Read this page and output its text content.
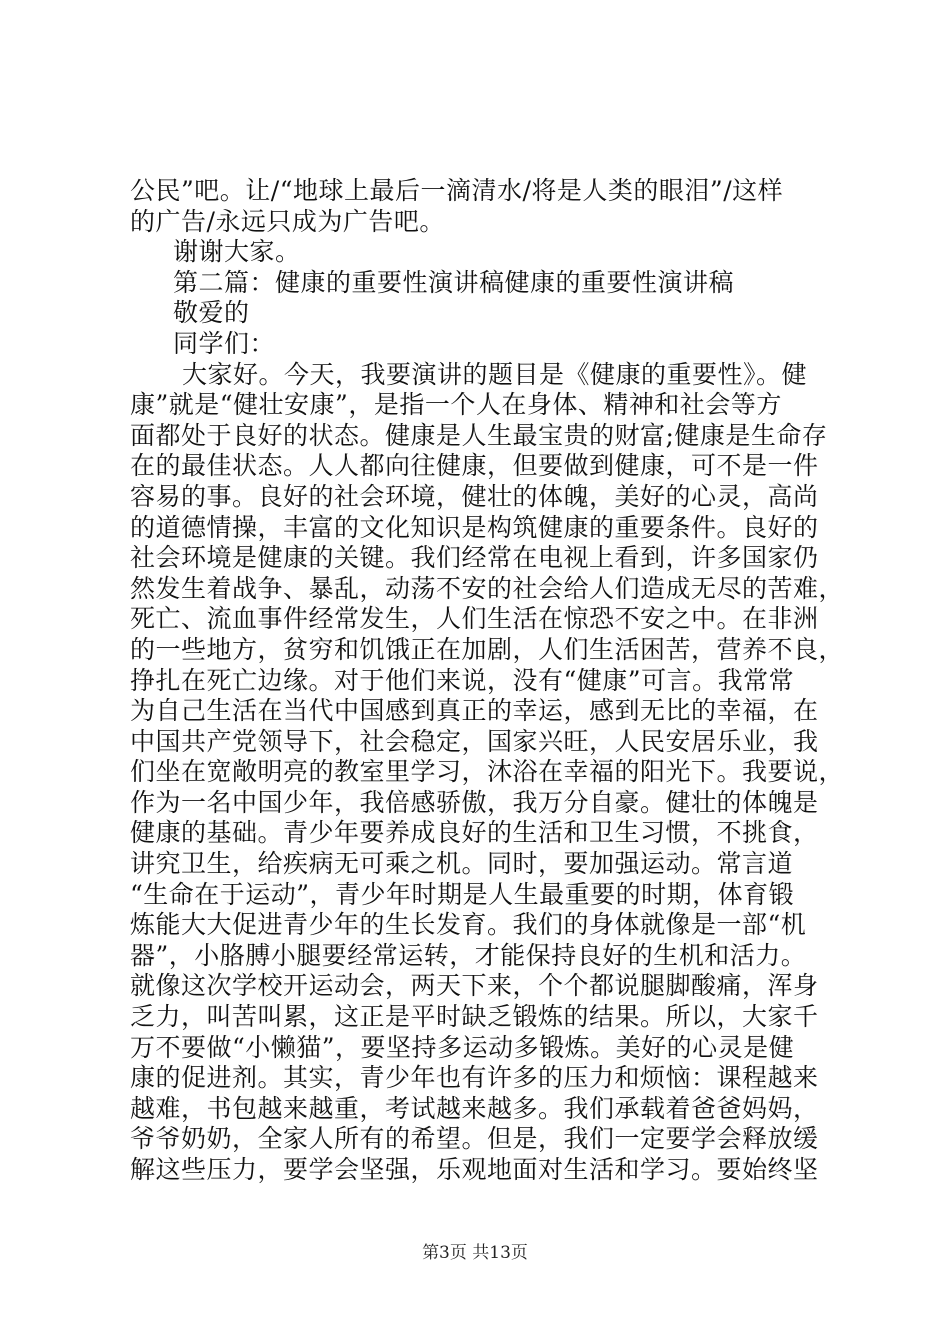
公民”吧。让/“地球上最后一滴清水/将是人类的眼泪”/这样
的广告/永远只成为广告吧。
谢谢大家。
第二篇：健康的重要性演讲稿健康的重要性演讲稿
敬爱的
同学们：
大家好。今天，我要演讲的题目是《健康的重要性》。健
康”就是“健壮安康”，是指一个人在身体、精神和社会等方
面都处于良好的状态。健康是人生最宝贵的财富;健康是生命存
在的最佳状态。人人都向往健康，但要做到健康，可不是一件
容易的事。良好的社会环境，健壮的体魄，美好的心灵，高尚
的道德情操，丰富的文化知识是构筑健康的重要条件。良好的
社会环境是健康的关键。我们经常在电视上看到，许多国家仍
然发生着战争、暴乱，动荡不安的社会给人们造成无尽的苦难，
死亡、流血事件经常发生，人们生活在惊恐不安之中。在非洲
的一些地方，贫穷和饥饿正在加剧，人们生活困苦，营养不良，
挣扎在死亡边缘。对于他们来说，没有“健康”可言。我常常
为自己生活在当代中国感到真正的幸运，感到无比的幸福，在
中国共产党领导下，社会稳定，国家兴旺，人民安居乐业，我
们坐在宽敞明亮的教室里学习，沐浴在幸福的阳光下。我要说，
作为一名中国少年，我倍感骄傲，我万分自豪。健壮的体魄是
健康的基础。青少年要养成良好的生活和卫生习惯，不挑食，
讲究卫生，给疾病无可乘之机。同时，要加强运动。常言道
“生命在于运动”，青少年时期是人生最重要的时期，体育锻
炼能大大促进青少年的生长发育。我们的身体就像是一部“机
器”，小胳膊小腿要经常运转，才能保持良好的生机和活力。
就像这次学校开运动会，两天下来，个个都说腿脚酸痛，浑身
乏力，叫苦叫累，这正是平时缺乏锻炼的结果。所以，大家千
万不要做“小懒猫”，要坚持多运动多锻炼。美好的心灵是健
康的促进剂。其实，青少年也有许多的压力和烦恼：课程越来
越难，书包越来越重，考试越来越多。我们承载着爸爸妈妈，
爷爷奶奶，全家人所有的希望。但是，我们一定要学会释放缓
解这些压力，要学会坚强，乐观地面对生活和学习。要始终坚
第3页 共13页
